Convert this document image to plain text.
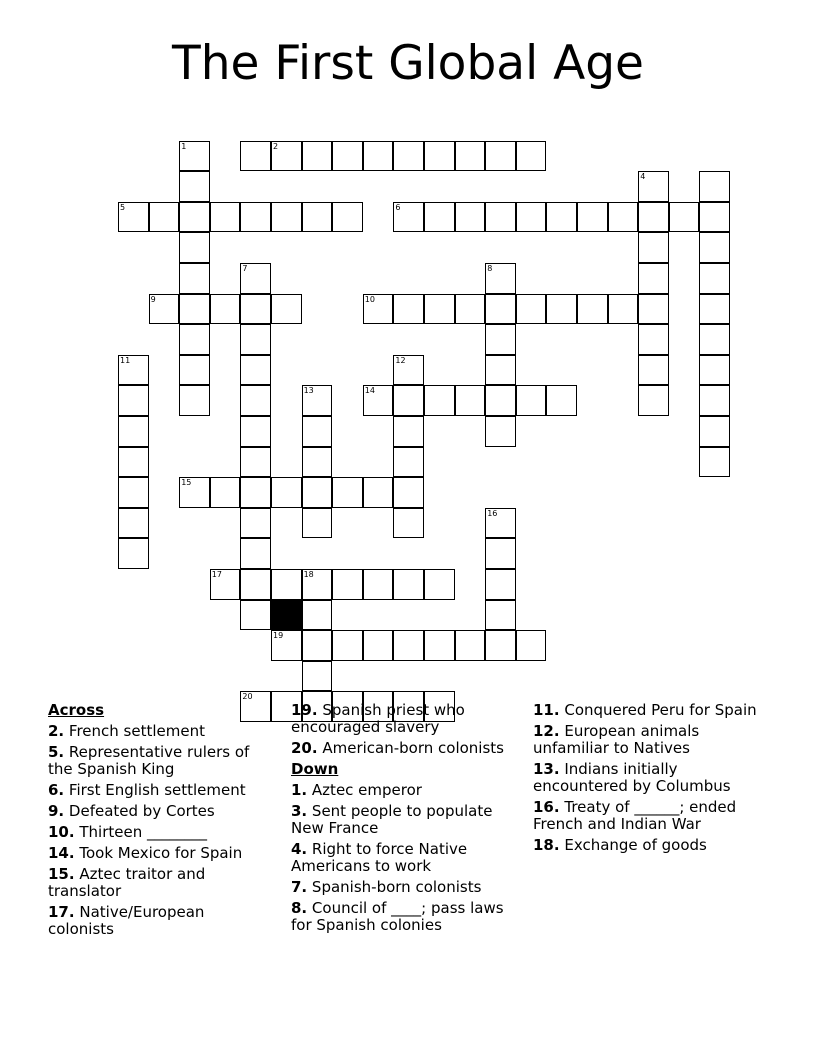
The First Global Age
1	2
4
5	6
7	8
9	10
11	12
13	14
15
16
17	18
19
20
Across
2. French settlement
5. Representative rulers of the Spanish King
6. First English settlement
9. Defeated by Cortes
10. Thirteen ________
14. Took Mexico for Spain
15. Aztec traitor and translator
17. Native/European colonists
19. Spanish priest who encouraged slavery
20. American-born colonists
Down
1. Aztec emperor
3. Sent people to populate New France
4. Right to force Native Americans to work
7. Spanish-born colonists
8. Council of ____; pass laws for Spanish colonies
11. Conquered Peru for Spain
12. European animals unfamiliar to Natives
13. Indians initially encountered by Columbus
16. Treaty of ______; ended French and Indian War
18. Exchange of goods
